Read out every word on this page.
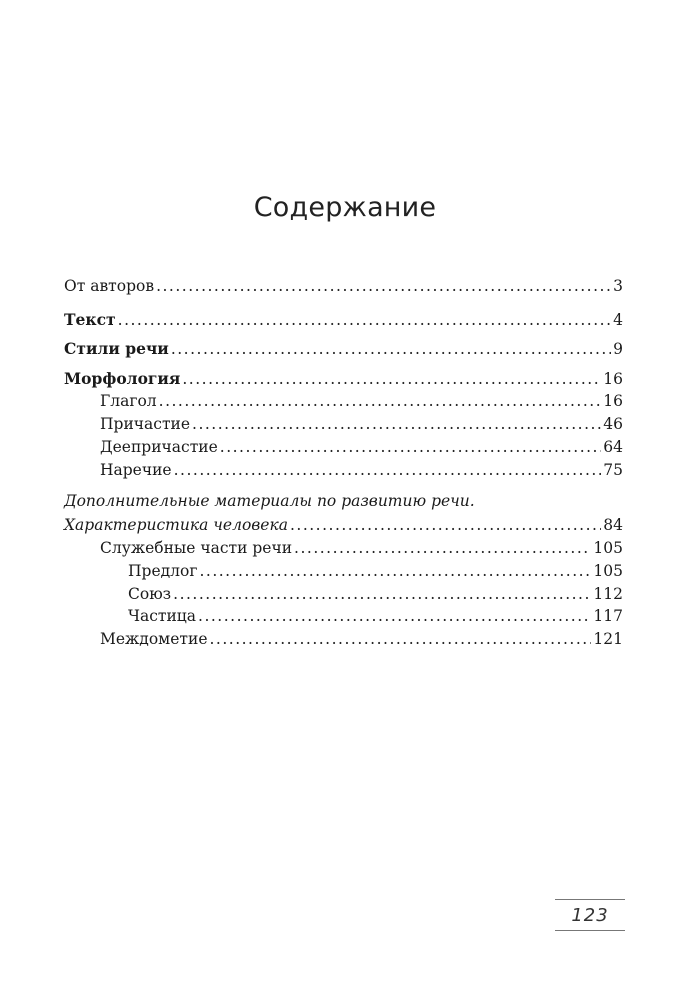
Содержание
От авторов .....	3
Текст .....	4
Стили речи .....	9
Морфология .....	16
Глагол .....	16
Причастие .....	46
Деепричастие .....	64
Наречие .....	75
Дополнительные материалы по развитию речи.
Характеристика человека .....	84
Служебные части речи .....	105
Предлог .....	105
Союз .....	112
Частица .....	117
Междометие .....	121
123
